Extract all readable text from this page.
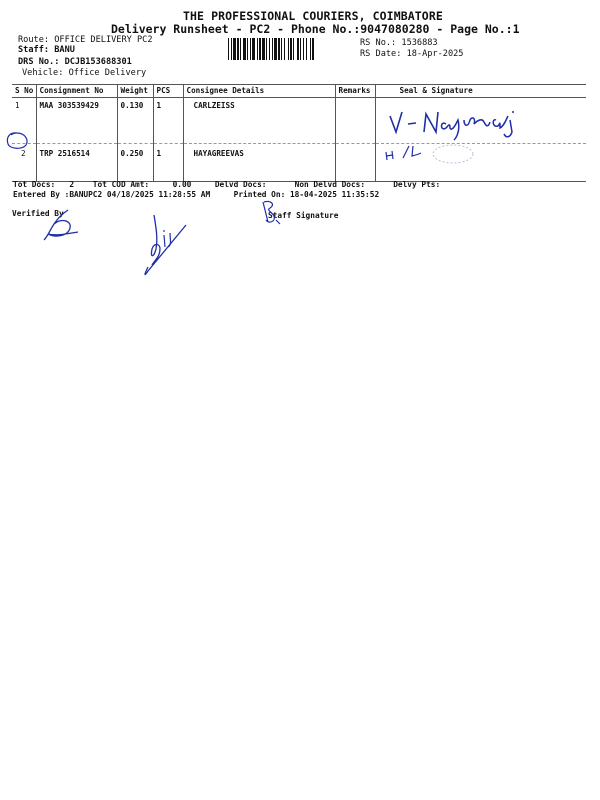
THE PROFESSIONAL COURIERS, COIMBATORE
Delivery Runsheet - PC2 - Phone No.:9047080280 - Page No.:1
Route: OFFICE DELIVERY PC2
Staff: BANU
DRS No.: DCJB153688301
Vehicle: Office Delivery
RS No.: 1536883
RS Date: 18-Apr-2025
S No	Consignment No	Weight	PCS	Consignee Details	Remarks	Seal & Signature
1	MAA 303539429	0.130	1	CARLZEISS		
2	TRP 2516514	0.250	1	HAYAGREEVAS		
Tot Docs:   2    Tot COD Amt:     0.00     Delvd Docs:      Non Delvd Docs:      Delvy Pts:
Entered By :BANUPC2 04/18/2025 11:28:55 AM     Printed On: 18-04-2025 11:35:52
Verified By	Staff Signature
